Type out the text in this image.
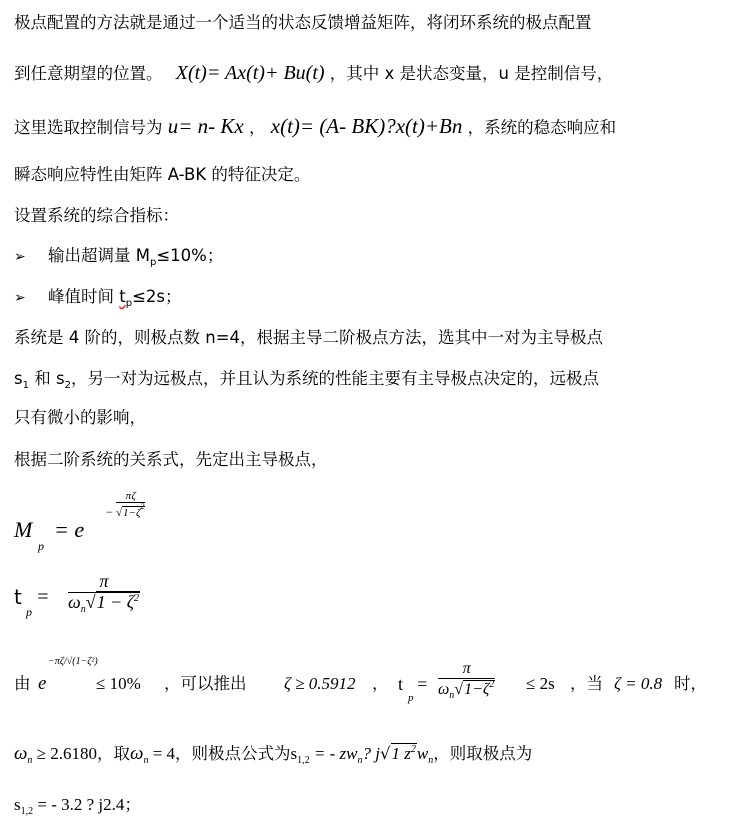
极点配置的方法就是通过一个适当的状态反馈增益矩阵，将闭环系统的极点配置
到任意期望的位置。 X(t)= Ax(t)+ Bu(t) ，其中 x 是状态变量，u 是控制信号，
这里选取控制信号为 u= n- Kx ， x(t)= (A- BK)?x(t)+Bn ，系统的稳态响应和
瞬态响应特性由矩阵 A-BK 的特征决定。
设置系统的综合指标：
➢ 输出超调量 $M_p\le 10\%$；
➢ 峰值时间 $t_p\le 2s$；
系统是 4 阶的，则极点数 n=4，根据主导二阶极点方法，选其中一对为主导极点
$s_1$ 和 $s_2$，另一对为远极点，并且认为系统的性能主要有主导极点决定的，远极点
只有微小的影响，
根据二阶系统的关系式，先定出主导极点，
M
p
= e
− $\frac{\pi\zeta}{√1-\zeta^2}$
t
p
= $\frac{\pi}{\omega_n√1 - \zeta^2}$
由 e
−πζ/√(1−ζ²)
≤ 10% ，可以推出 ζ ≥ 0.5912 ， t
p
= $\frac{\pi}{\omega_n√1-\zeta^2} \le 2s$ ，当 ζ = 0.8 时，
$\omega_n \ge 2.6180$，取$\omega_n = 4$，则极点公式为$s_{1,2}$ = - $zw_n$? j√1 $z^2w_n$，则取极点为
$s_{1,2}$ = - 3.2 ? j2.4；
